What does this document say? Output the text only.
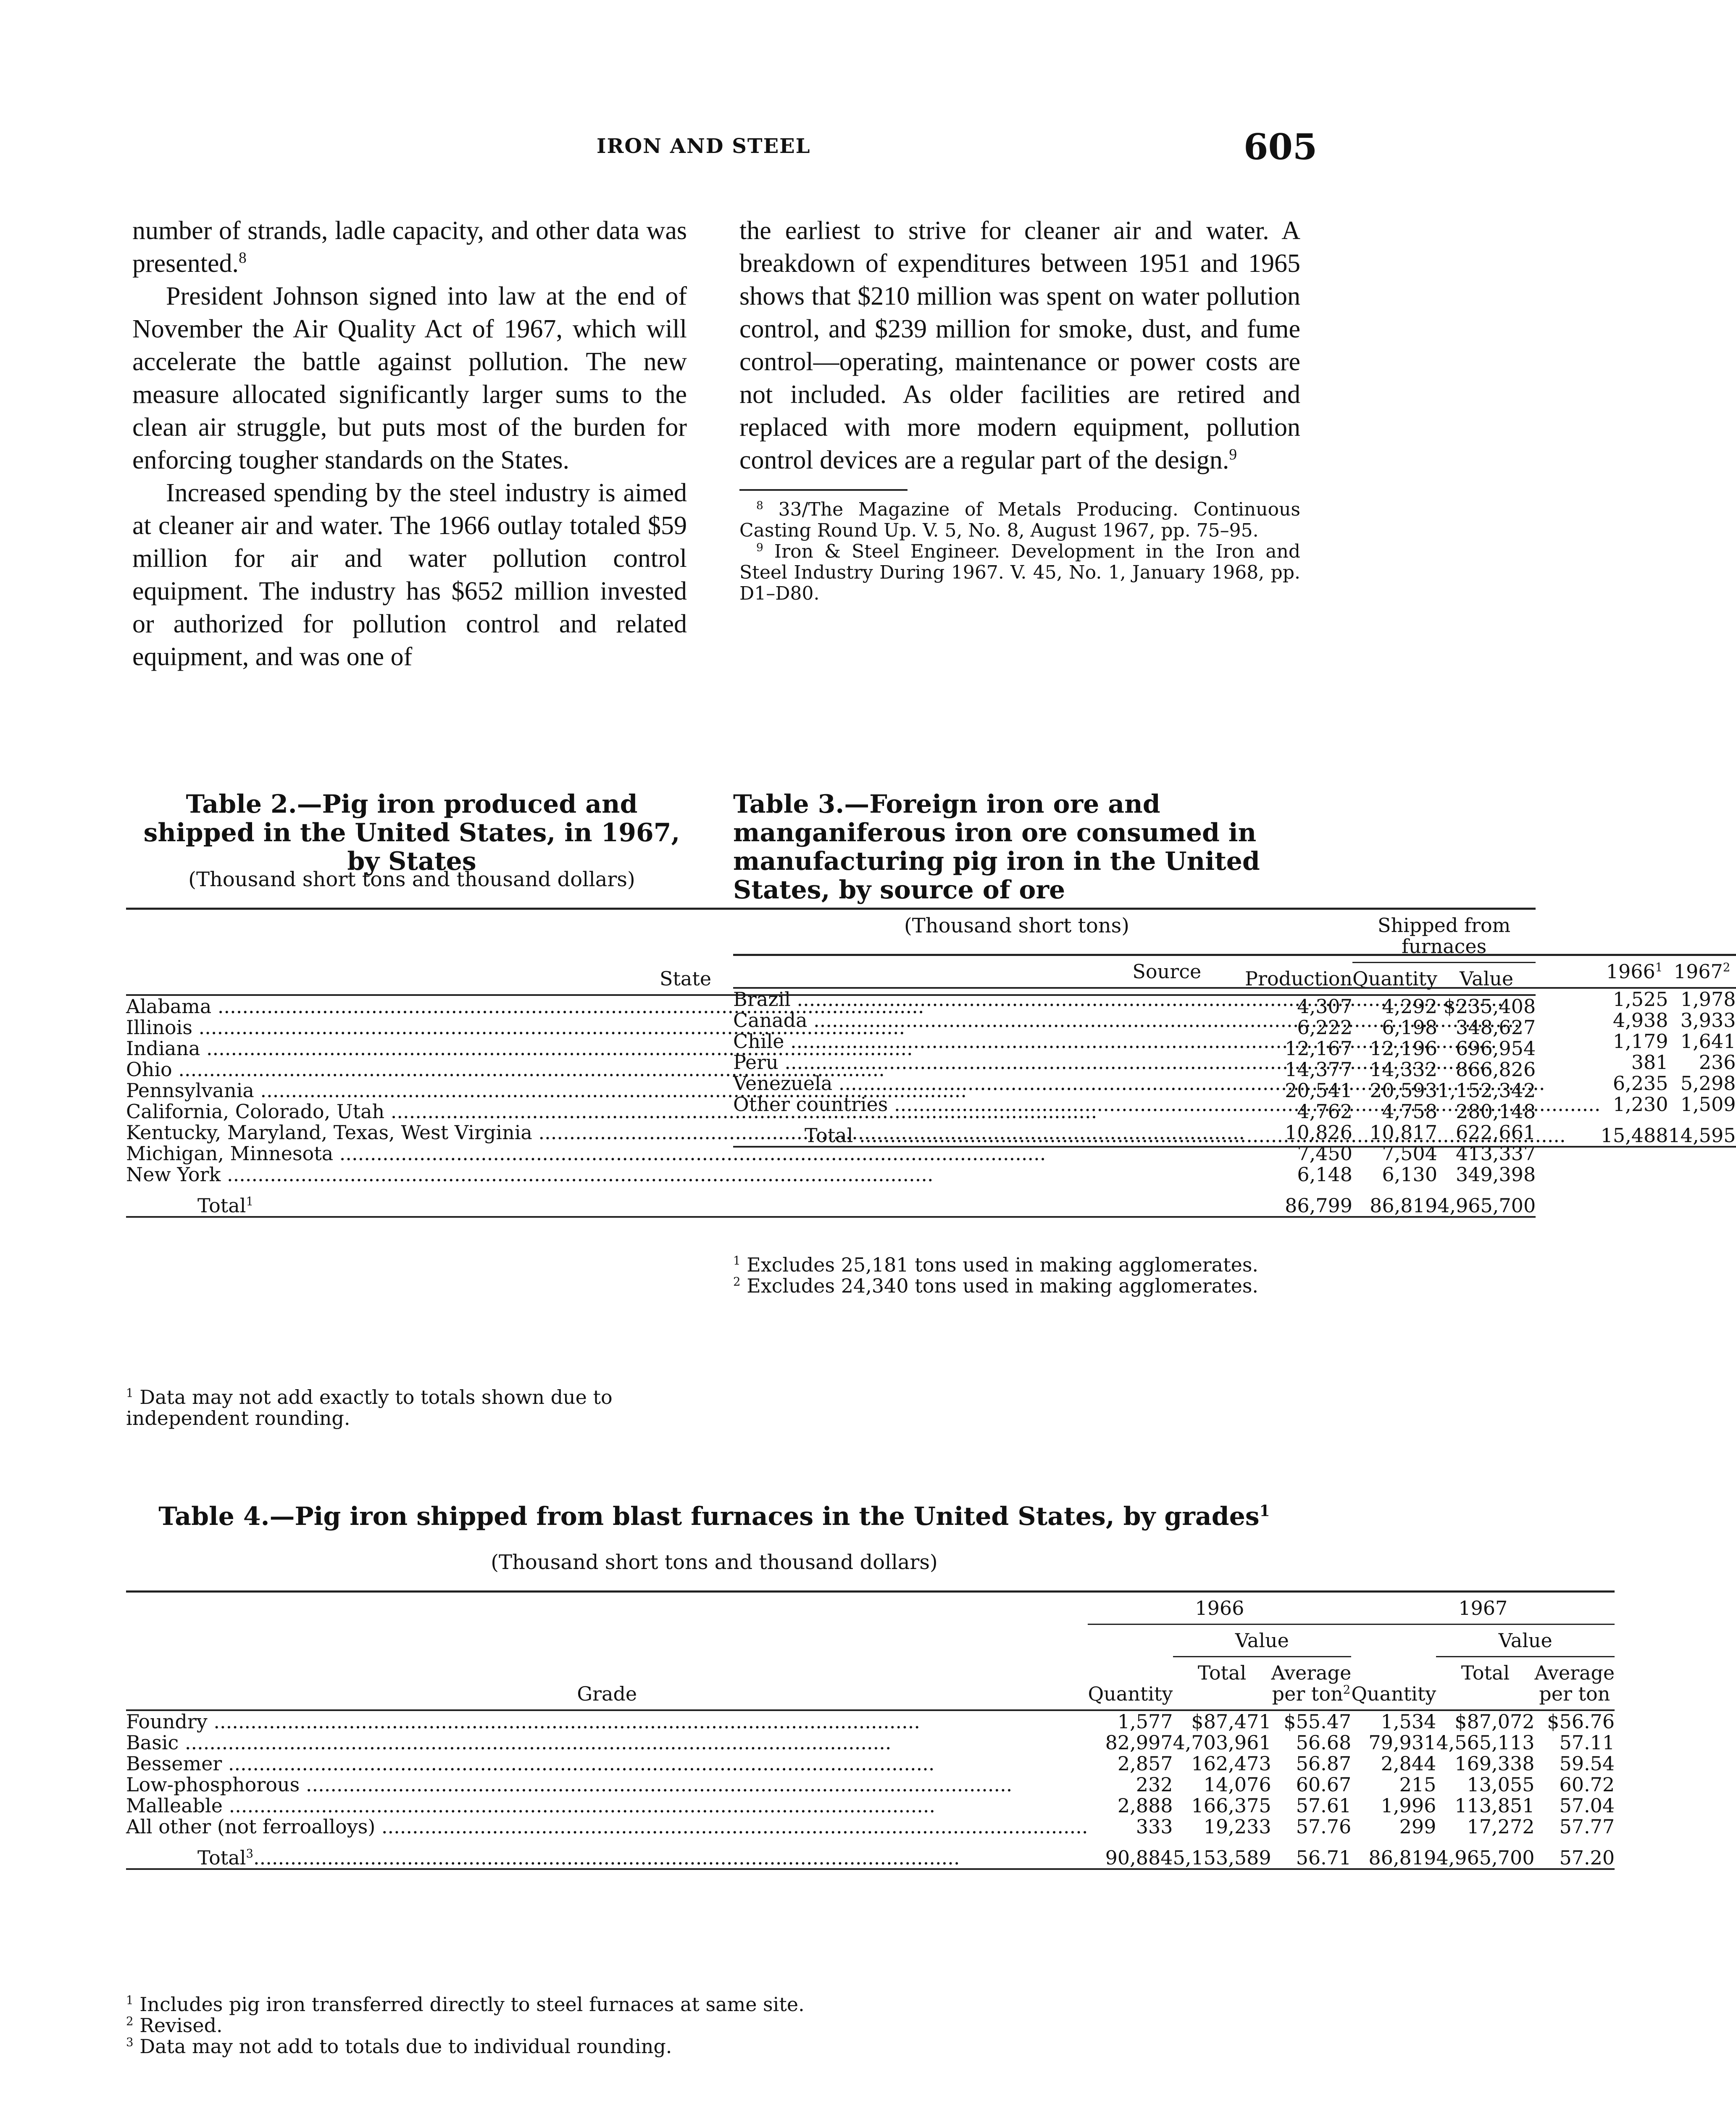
IRON AND STEEL	605

number of strands, ladle capacity, and other data was presented.$^8$

President Johnson signed into law at the end of November the Air Quality Act of 1967, which will accelerate the battle against pollution. The new measure allocated significantly larger sums to the clean air struggle, but puts most of the burden for enforcing tougher standards on the States.

Increased spending by the steel industry is aimed at cleaner air and water. The 1966 outlay totaled $59 million for air and water pollution control equipment. The industry has $652 million invested or authorized for pollution control and related equipment, and was one of

the earliest to strive for cleaner air and water. A breakdown of expenditures between 1951 and 1965 shows that $210 million was spent on water pollution control, and $239 million for smoke, dust, and fume control—operating, maintenance or power costs are not included. As older facilities are retired and replaced with more modern equipment, pollution control devices are a regular part of the design.$^9$

$^8$ 33/The Magazine of Metals Producing. Continuous Casting Round Up. V. 5, No. 8, August 1967, pp. 75–95.

$^9$ Iron & Steel Engineer. Development in the Iron and Steel Industry During 1967. V. 45, No. 1, January 1968, pp. D1–D80.

Table 2.—Pig iron produced and shipped in the United States, in 1967, by States

(Thousand short tons and thousand dollars)

State	Production	Shipped from furnaces	
		Quantity	Value

Alabama .....	4,307	4,292	$235,408

Illinois .....	6,222	6,198	348,627

Indiana .....	12,167	12,196	696,954

Ohio .....	14,377	14,332	866,826

Pennsylvania .....	20,541	20,593	1,152,342

California, Colorado, Utah .....	4,762	4,758	280,148

Kentucky, Maryland, Texas, West Virginia .....	10,826	10,817	622,661

Michigan, Minnesota .....	7,450	7,504	413,337

New York .....	6,148	6,130	349,398
Total$^1$	86,799	86,819	4,965,700

$^1$ Data may not add exactly to totals shown due to independent rounding.

Table 3.—Foreign iron ore and manganiferous iron ore consumed in manufacturing pig iron in the United States, by source of ore

(Thousand short tons)

Source	1966$^1$	1967$^2$

Brazil .....	1,525	1,978

Canada .....	4,938	3,933

Chile .....	1,179	1,641

Peru .....	381	236

Venezuela .....	6,235	5,298

Other countries .....	1,230	1,509

Total .....	15,488	14,595

$^1$ Excludes 25,181 tons used in making agglomerates.

$^2$ Excludes 24,340 tons used in making agglomerates.

Table 4.—Pig iron shipped from blast furnaces in the United States, by grades$^1$

(Thousand short tons and thousand dollars)

Grade	1966			1967		
	Quantity	Value		Quantity	Value	
		Total	Average per ton$^2$		Total	Average per ton

Foundry .....	1,577	$87,471	$55.47	1,534	$87,072	$56.76

Basic .....	82,997	4,703,961	56.68	79,931	4,565,113	57.11

Bessemer .....	2,857	162,473	56.87	2,844	169,338	59.54

Low-phosphorous .....	232	14,076	60.67	215	13,055	60.72

Malleable .....	2,888	166,375	57.61	1,996	113,851	57.04

All other (not ferroalloys) .....	333	19,233	57.76	299	17,272	57.77
Total$^3$.....	90,884	5,153,589	56.71	86,819	4,965,700	57.20

$^1$ Includes pig iron transferred directly to steel furnaces at same site.

$^2$ Revised.

$^3$ Data may not add to totals due to individual rounding.
